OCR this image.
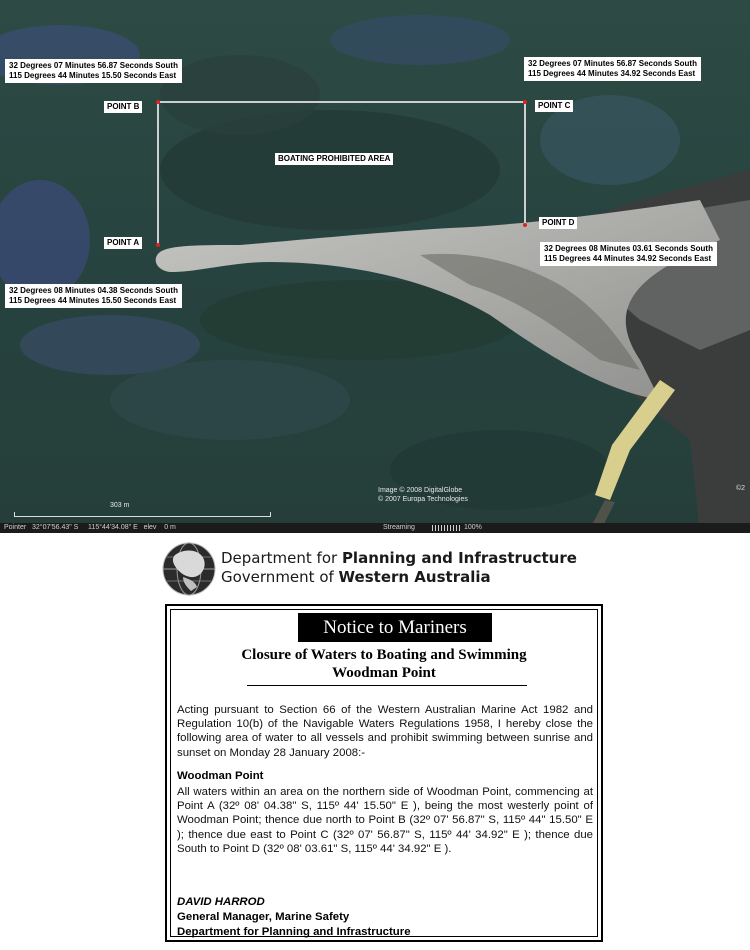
POINT B	POINT C
POINT D
POINT A
BOATING PROHIBITED AREA
32 Degrees 07 Minutes 56.87 Seconds South
115 Degrees 44 Minutes 15.50 Seconds East
32 Degrees 07 Minutes 56.87 Seconds South
115 Degrees 44 Minutes 34.92 Seconds East
32 Degrees 08 Minutes 03.61 Seconds South
115 Degrees 44 Minutes 34.92 Seconds East
32 Degrees 08 Minutes 04.38 Seconds South
115 Degrees 44 Minutes 15.50 Seconds East
Image © 2008 DigitalGlobe
© 2007 Europa Technologies
©2
303 m
Pointer   32°07'56.43" S     115°44'34.08" E   elev    0 m	Streaming	100%
Department for Planning and Infrastructure
Government of Western Australia
Notice to Mariners
Closure of Waters to Boating and Swimming
Woodman Point
Acting pursuant to Section 66 of the Western Australian Marine Act 1982 and Regulation 10(b) of the Navigable Waters Regulations 1958, I hereby close the following area of water to all vessels and prohibit swimming between sunrise and sunset on Monday 28 January 2008:-
Woodman Point
All waters within an area on the northern side of Woodman Point, commencing at Point A (32º 08' 04.38" S, 115º 44' 15.50" E ), being the most westerly point of Woodman Point; thence due north to Point B (32º 07' 56.87" S, 115º 44" 15.50" E ); thence due east to Point C (32º 07' 56.87" S, 115º 44' 34.92" E ); thence due South to Point D (32º 08' 03.61" S, 115º 44' 34.92" E ).
DAVID HARROD
General Manager, Marine Safety
Department for Planning and Infrastructure
